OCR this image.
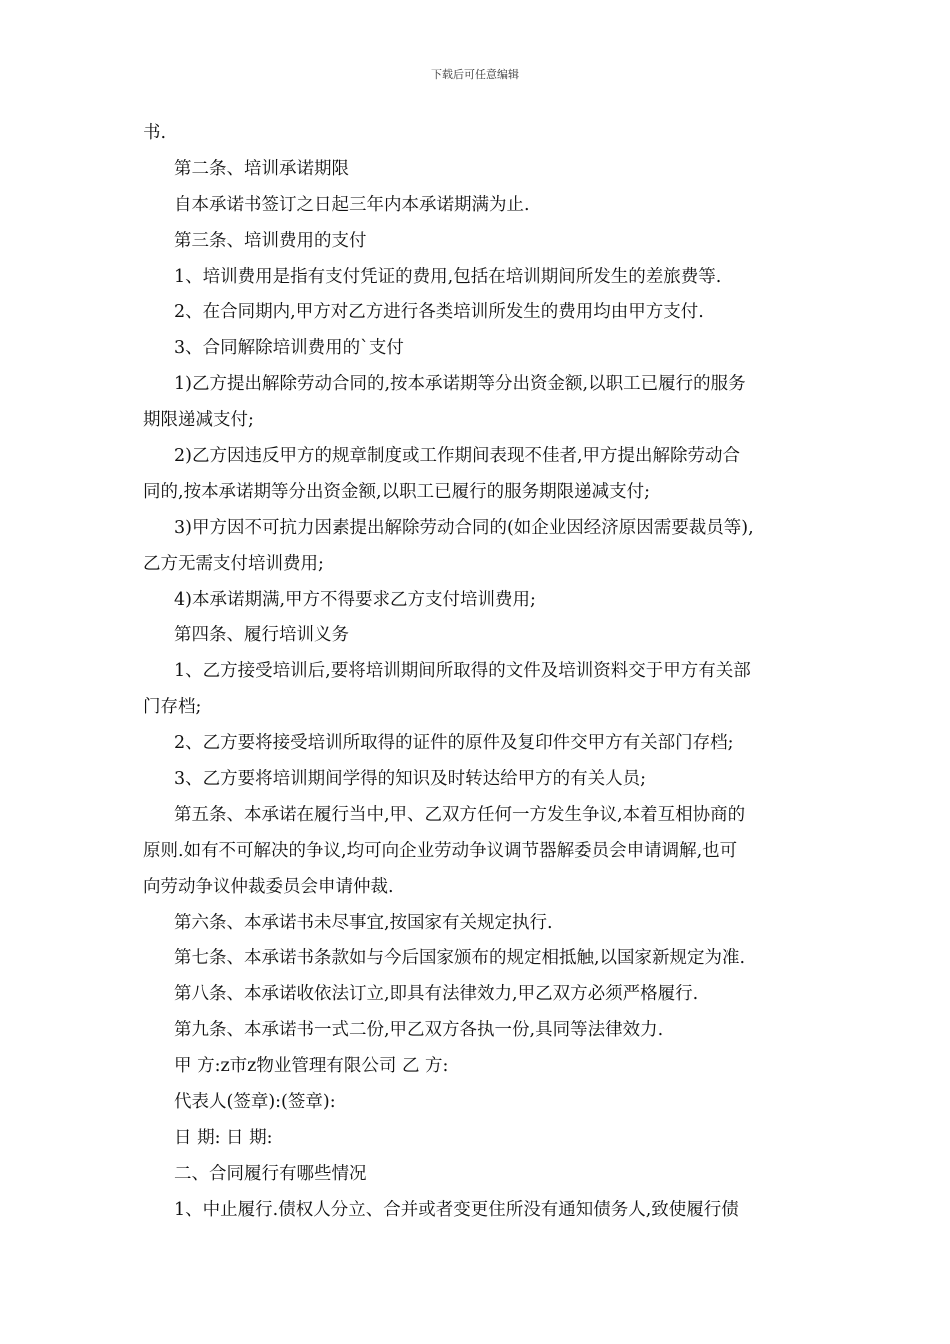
下载后可任意编辑
书.
第二条、培训承诺期限
自本承诺书签订之日起三年内本承诺期满为止.
第三条、培训费用的支付
1、培训费用是指有支付凭证的费用,包括在培训期间所发生的差旅费等.
2、在合同期内,甲方对乙方进行各类培训所发生的费用均由甲方支付.
3、合同解除培训费用的`支付
1)乙方提出解除劳动合同的,按本承诺期等分出资金额,以职工已履行的服务
期限递减支付;
2)乙方因违反甲方的规章制度或工作期间表现不佳者,甲方提出解除劳动合
同的,按本承诺期等分出资金额,以职工已履行的服务期限递减支付;
3)甲方因不可抗力因素提出解除劳动合同的(如企业因经济原因需要裁员等),
乙方无需支付培训费用;
4)本承诺期满,甲方不得要求乙方支付培训费用;
第四条、履行培训义务
1、乙方接受培训后,要将培训期间所取得的文件及培训资料交于甲方有关部
门存档;
2、乙方要将接受培训所取得的证件的原件及复印件交甲方有关部门存档;
3、乙方要将培训期间学得的知识及时转达给甲方的有关人员;
第五条、本承诺在履行当中,甲、乙双方任何一方发生争议,本着互相协商的
原则.如有不可解决的争议,均可向企业劳动争议调节器解委员会申请调解,也可
向劳动争议仲裁委员会申请仲裁.
第六条、本承诺书未尽事宜,按国家有关规定执行.
第七条、本承诺书条款如与今后国家颁布的规定相抵触,以国家新规定为准.
第八条、本承诺收依法订立,即具有法律效力,甲乙双方必须严格履行.
第九条、本承诺书一式二份,甲乙双方各执一份,具同等法律效力.
甲 方:z市z物业管理有限公司 乙 方:
代表人(签章):(签章):
日 期: 日 期:
二、合同履行有哪些情况
1、中止履行.债权人分立、合并或者变更住所没有通知债务人,致使履行债
